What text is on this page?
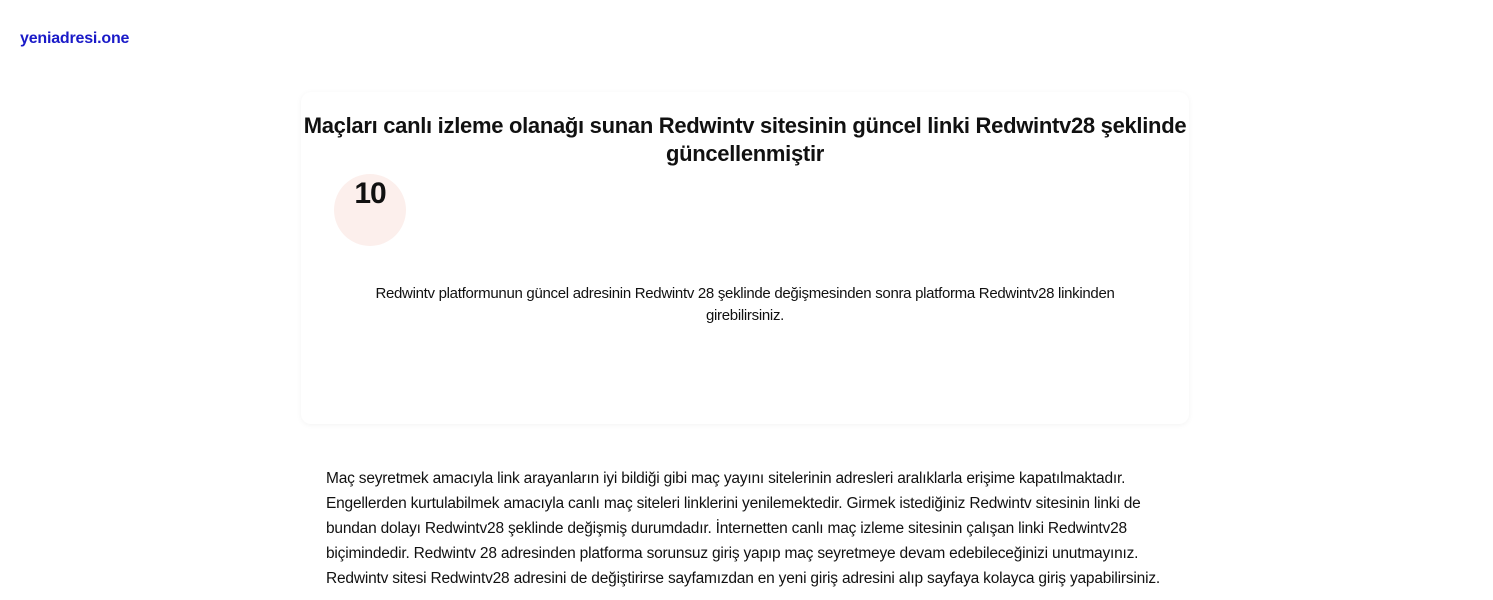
yeniadresi.one
Maçları canlı izleme olanağı sunan Redwintv sitesinin güncel linki Redwintv28 şeklinde güncellenmiştir
10

Redwintv platformunun güncel adresinin Redwintv 28 şeklinde değişmesinden sonra platforma Redwintv28 linkinden girebilirsiniz.

Maç seyretmek amacıyla link arayanların iyi bildiği gibi maç yayını sitelerinin adresleri aralıklarla erişime kapatılmaktadır. Engellerden kurtulabilmek amacıyla canlı maç siteleri linklerini yenilemektedir. Girmek istediğiniz Redwintv sitesinin linki de bundan dolayı Redwintv28 şeklinde değişmiş durumdadır. İnternetten canlı maç izleme sitesinin çalışan linki Redwintv28 biçimindedir. Redwintv 28 adresinden platforma sorunsuz giriş yapıp maç seyretmeye devam edebileceğinizi unutmayınız. Redwintv sitesi Redwintv28 adresini de değiştirirse sayfamızdan en yeni giriş adresini alıp sayfaya kolayca giriş yapabilirsiniz.
